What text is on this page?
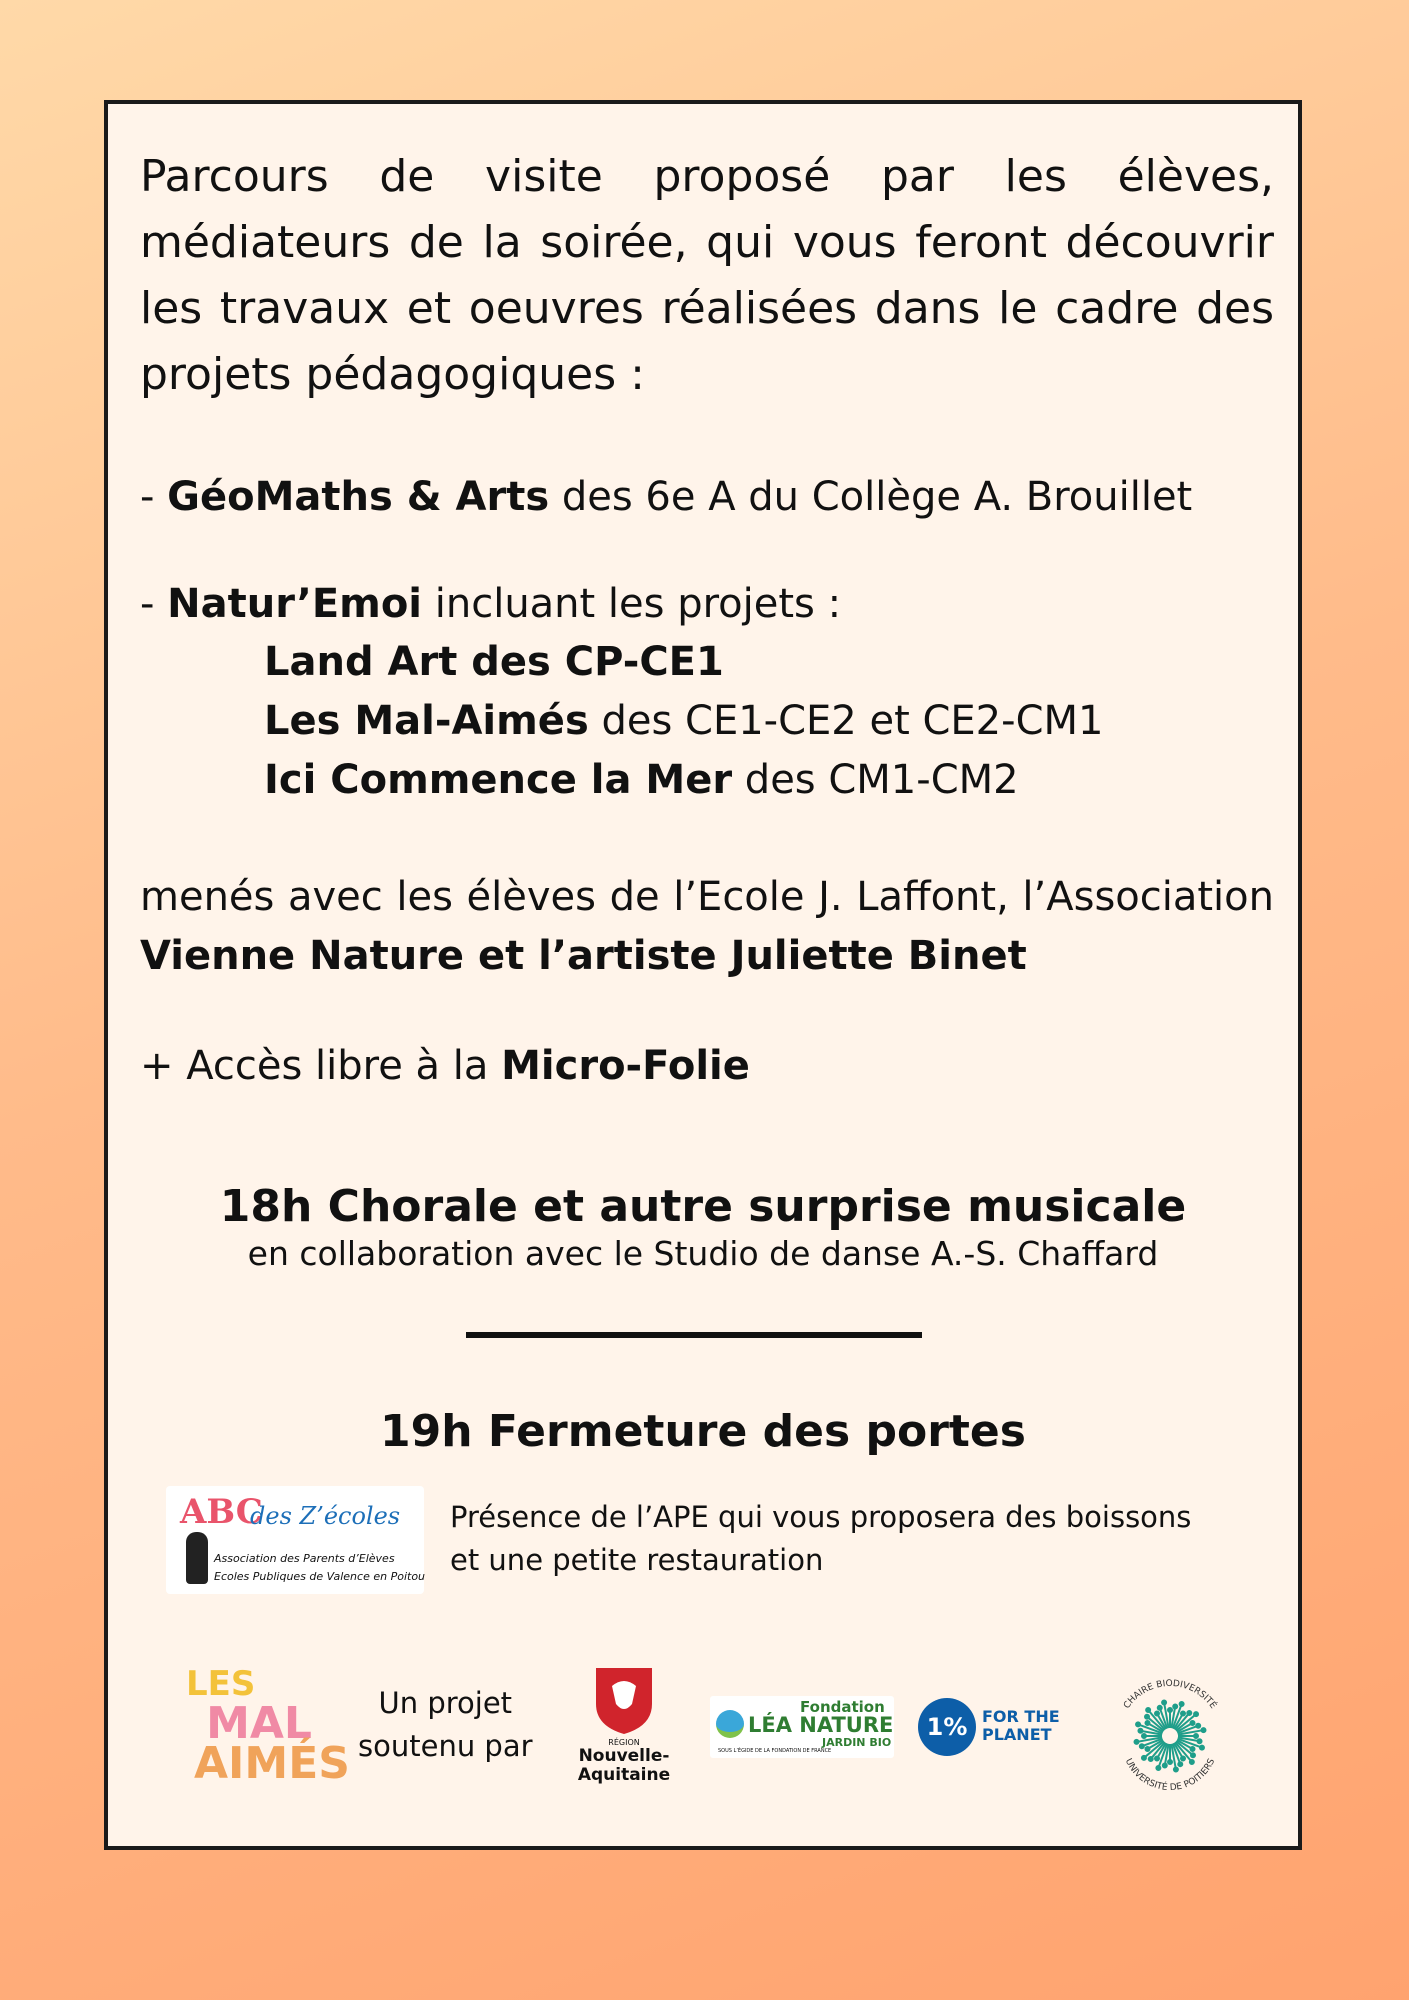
Parcours de visite proposé par les élèves, médiateurs de la soirée, qui vous feront découvrir les travaux et oeuvres réalisées dans le cadre des projets pédagogiques :
- GéoMaths & Arts des 6e A du Collège A. Brouillet
- Natur’Emoi incluant les projets :
Land Art des CP-CE1
Les Mal-Aimés des CE1-CE2 et CE2-CM1
Ici Commence la Mer des CM1-CM2
menés avec les élèves de l’Ecole J. Laffont, l’Association
Vienne Nature et l’artiste Juliette Binet
+ Accès libre à la Micro-Folie
18h Chorale et autre surprise musicale
en collaboration avec le Studio de danse A.-S. Chaffard
19h Fermeture des portes
ABC
des Z’écoles
Association des Parents d’Elèves
Ecoles Publiques de Valence en Poitou
Présence de l’APE qui vous proposera des boissons
et une petite restauration
LES
MAL
AIMÉS
Un projet
soutenu par	RÉGION
Nouvelle-
Aquitaine
Fondation
LÉA NATURE
JARDIN BIO
SOUS L’ÉGIDE DE LA FONDATION DE FRANCE
1% FOR THE
PLANET
CHAIRE BIODIVERSITÉ
UNIVERSITÉ DE POITIERS
